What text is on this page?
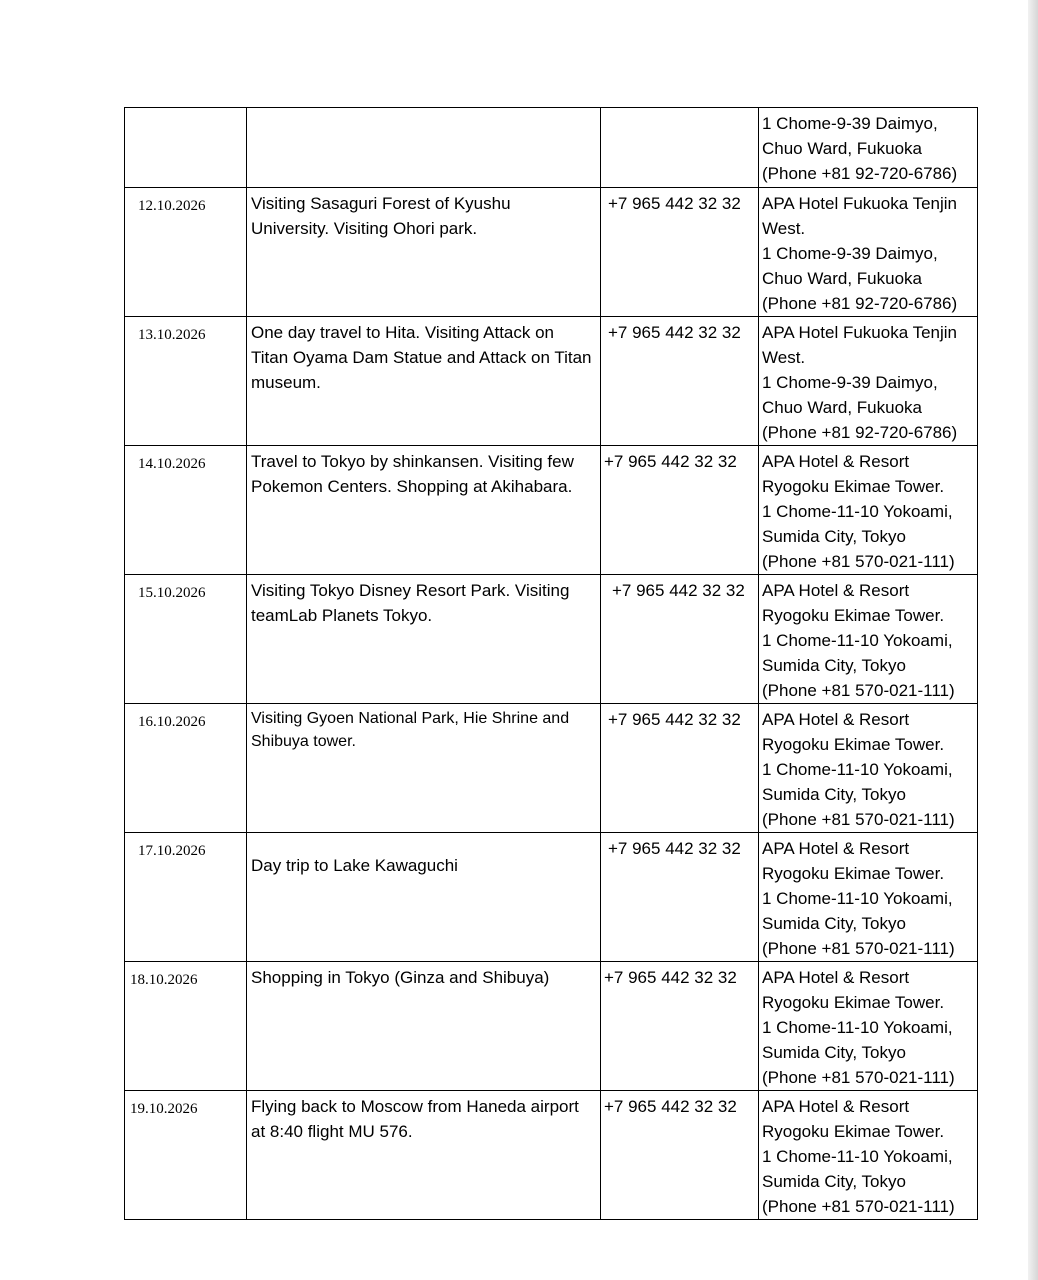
			1 Chome-9-39 Daimyo,
Chuo Ward, Fukuoka
(Phone +81 92-720-6786)

12.10.2026	Visiting Sasaguri Forest of Kyushu University. Visiting Ohori park.	+7 965 442 32 32	APA Hotel Fukuoka Tenjin
West.
1 Chome-9-39 Daimyo,
Chuo Ward, Fukuoka
(Phone +81 92-720-6786)

13.10.2026	One day travel to Hita. Visiting Attack on Titan Oyama Dam Statue and Attack on Titan museum.	+7 965 442 32 32	APA Hotel Fukuoka Tenjin
West.
1 Chome-9-39 Daimyo,
Chuo Ward, Fukuoka
(Phone +81 92-720-6786)

14.10.2026	Travel to Tokyo by shinkansen. Visiting few Pokemon Centers. Shopping at Akihabara.	+7 965 442 32 32	APA Hotel & Resort
Ryogoku Ekimae Tower.
1 Chome-11-10 Yokoami,
Sumida City, Tokyo
(Phone +81 570-021-111)

15.10.2026	Visiting Tokyo Disney Resort Park. Visiting teamLab Planets Tokyo.	+7 965 442 32 32	APA Hotel & Resort
Ryogoku Ekimae Tower.
1 Chome-11-10 Yokoami,
Sumida City, Tokyo
(Phone +81 570-021-111)

16.10.2026	Visiting Gyoen National Park, Hie Shrine and Shibuya tower.	+7 965 442 32 32	APA Hotel & Resort
Ryogoku Ekimae Tower.
1 Chome-11-10 Yokoami,
Sumida City, Tokyo
(Phone +81 570-021-111)

17.10.2026	Day trip to Lake Kawaguchi	+7 965 442 32 32	APA Hotel & Resort
Ryogoku Ekimae Tower.
1 Chome-11-10 Yokoami,
Sumida City, Tokyo
(Phone +81 570-021-111)

18.10.2026	Shopping in Tokyo (Ginza and Shibuya)	+7 965 442 32 32	APA Hotel & Resort
Ryogoku Ekimae Tower.
1 Chome-11-10 Yokoami,
Sumida City, Tokyo
(Phone +81 570-021-111)

19.10.2026	Flying back to Moscow from Haneda airport at 8:40 flight MU 576.	+7 965 442 32 32	APA Hotel & Resort
Ryogoku Ekimae Tower.
1 Chome-11-10 Yokoami,
Sumida City, Tokyo
(Phone +81 570-021-111)
